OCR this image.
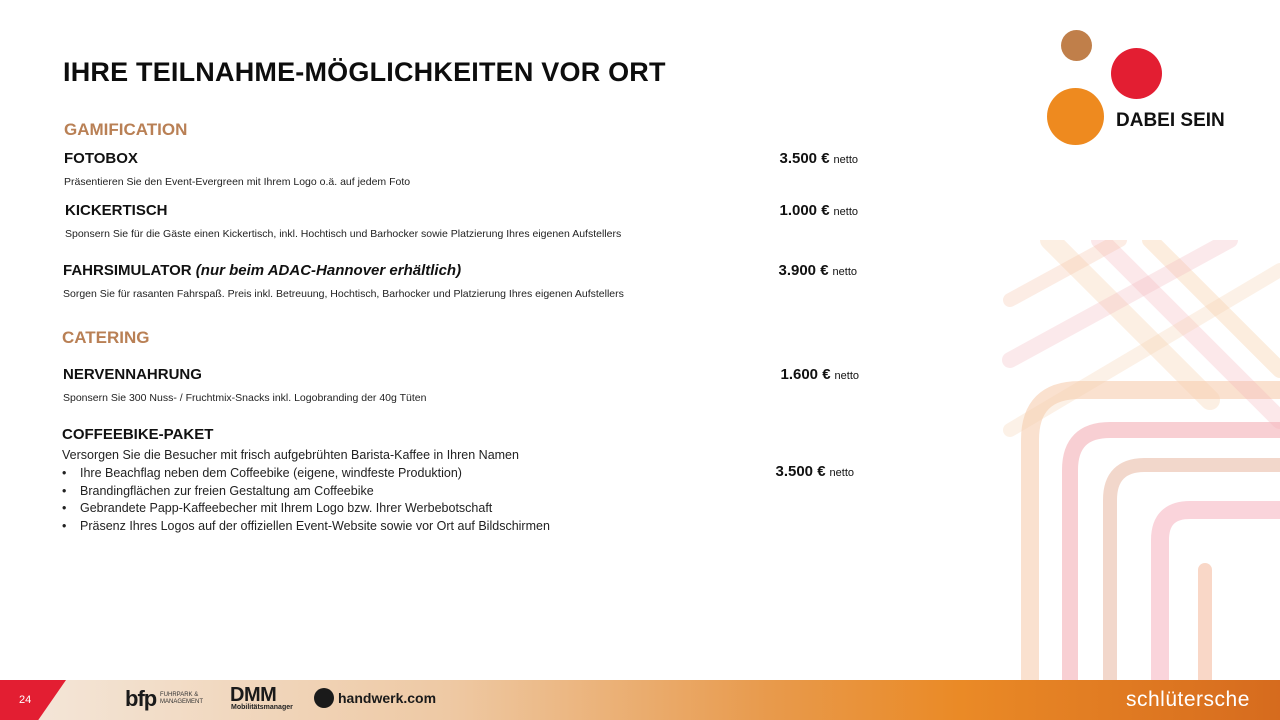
IHRE TEILNAHME-MÖGLICHKEITEN VOR ORT
DABEI SEIN
GAMIFICATION
FOTOBOX
Präsentieren Sie den Event-Evergreen mit Ihrem Logo o.ä. auf jedem Foto
3.500 € netto
KICKERTISCH
Sponsern Sie für die Gäste einen Kickertisch, inkl. Hochtisch und Barhocker sowie Platzierung Ihres eigenen Aufstellers
1.000 € netto
FAHRSIMULATOR (nur beim ADAC-Hannover erhältlich)
Sorgen Sie für rasanten Fahrspaß. Preis inkl. Betreuung, Hochtisch, Barhocker und Platzierung Ihres eigenen Aufstellers
3.900 € netto
CATERING
NERVENNAHRUNG
Sponsern Sie 300 Nuss- / Fruchtmix-Snacks inkl. Logobranding der 40g Tüten
1.600 € netto
COFFEEBIKE-PAKET
Versorgen Sie die Besucher mit frisch aufgebrühten Barista-Kaffee in Ihren Namen
• Ihre Beachflag neben dem Coffeebike (eigene, windfeste Produktion)
• Brandingflächen zur freien Gestaltung am Coffeebike
• Gebrandete Papp-Kaffeebecher mit Ihrem Logo bzw. Ihrer Werbebotschaft
• Präsenz Ihres Logos auf der offiziellen Event-Website sowie vor Ort auf Bildschirmen
3.500 € netto
24	bfp FUHRPARK & MANAGEMENT	DMM
Mobilitätsmanager
handwerk.com	schlütersche
